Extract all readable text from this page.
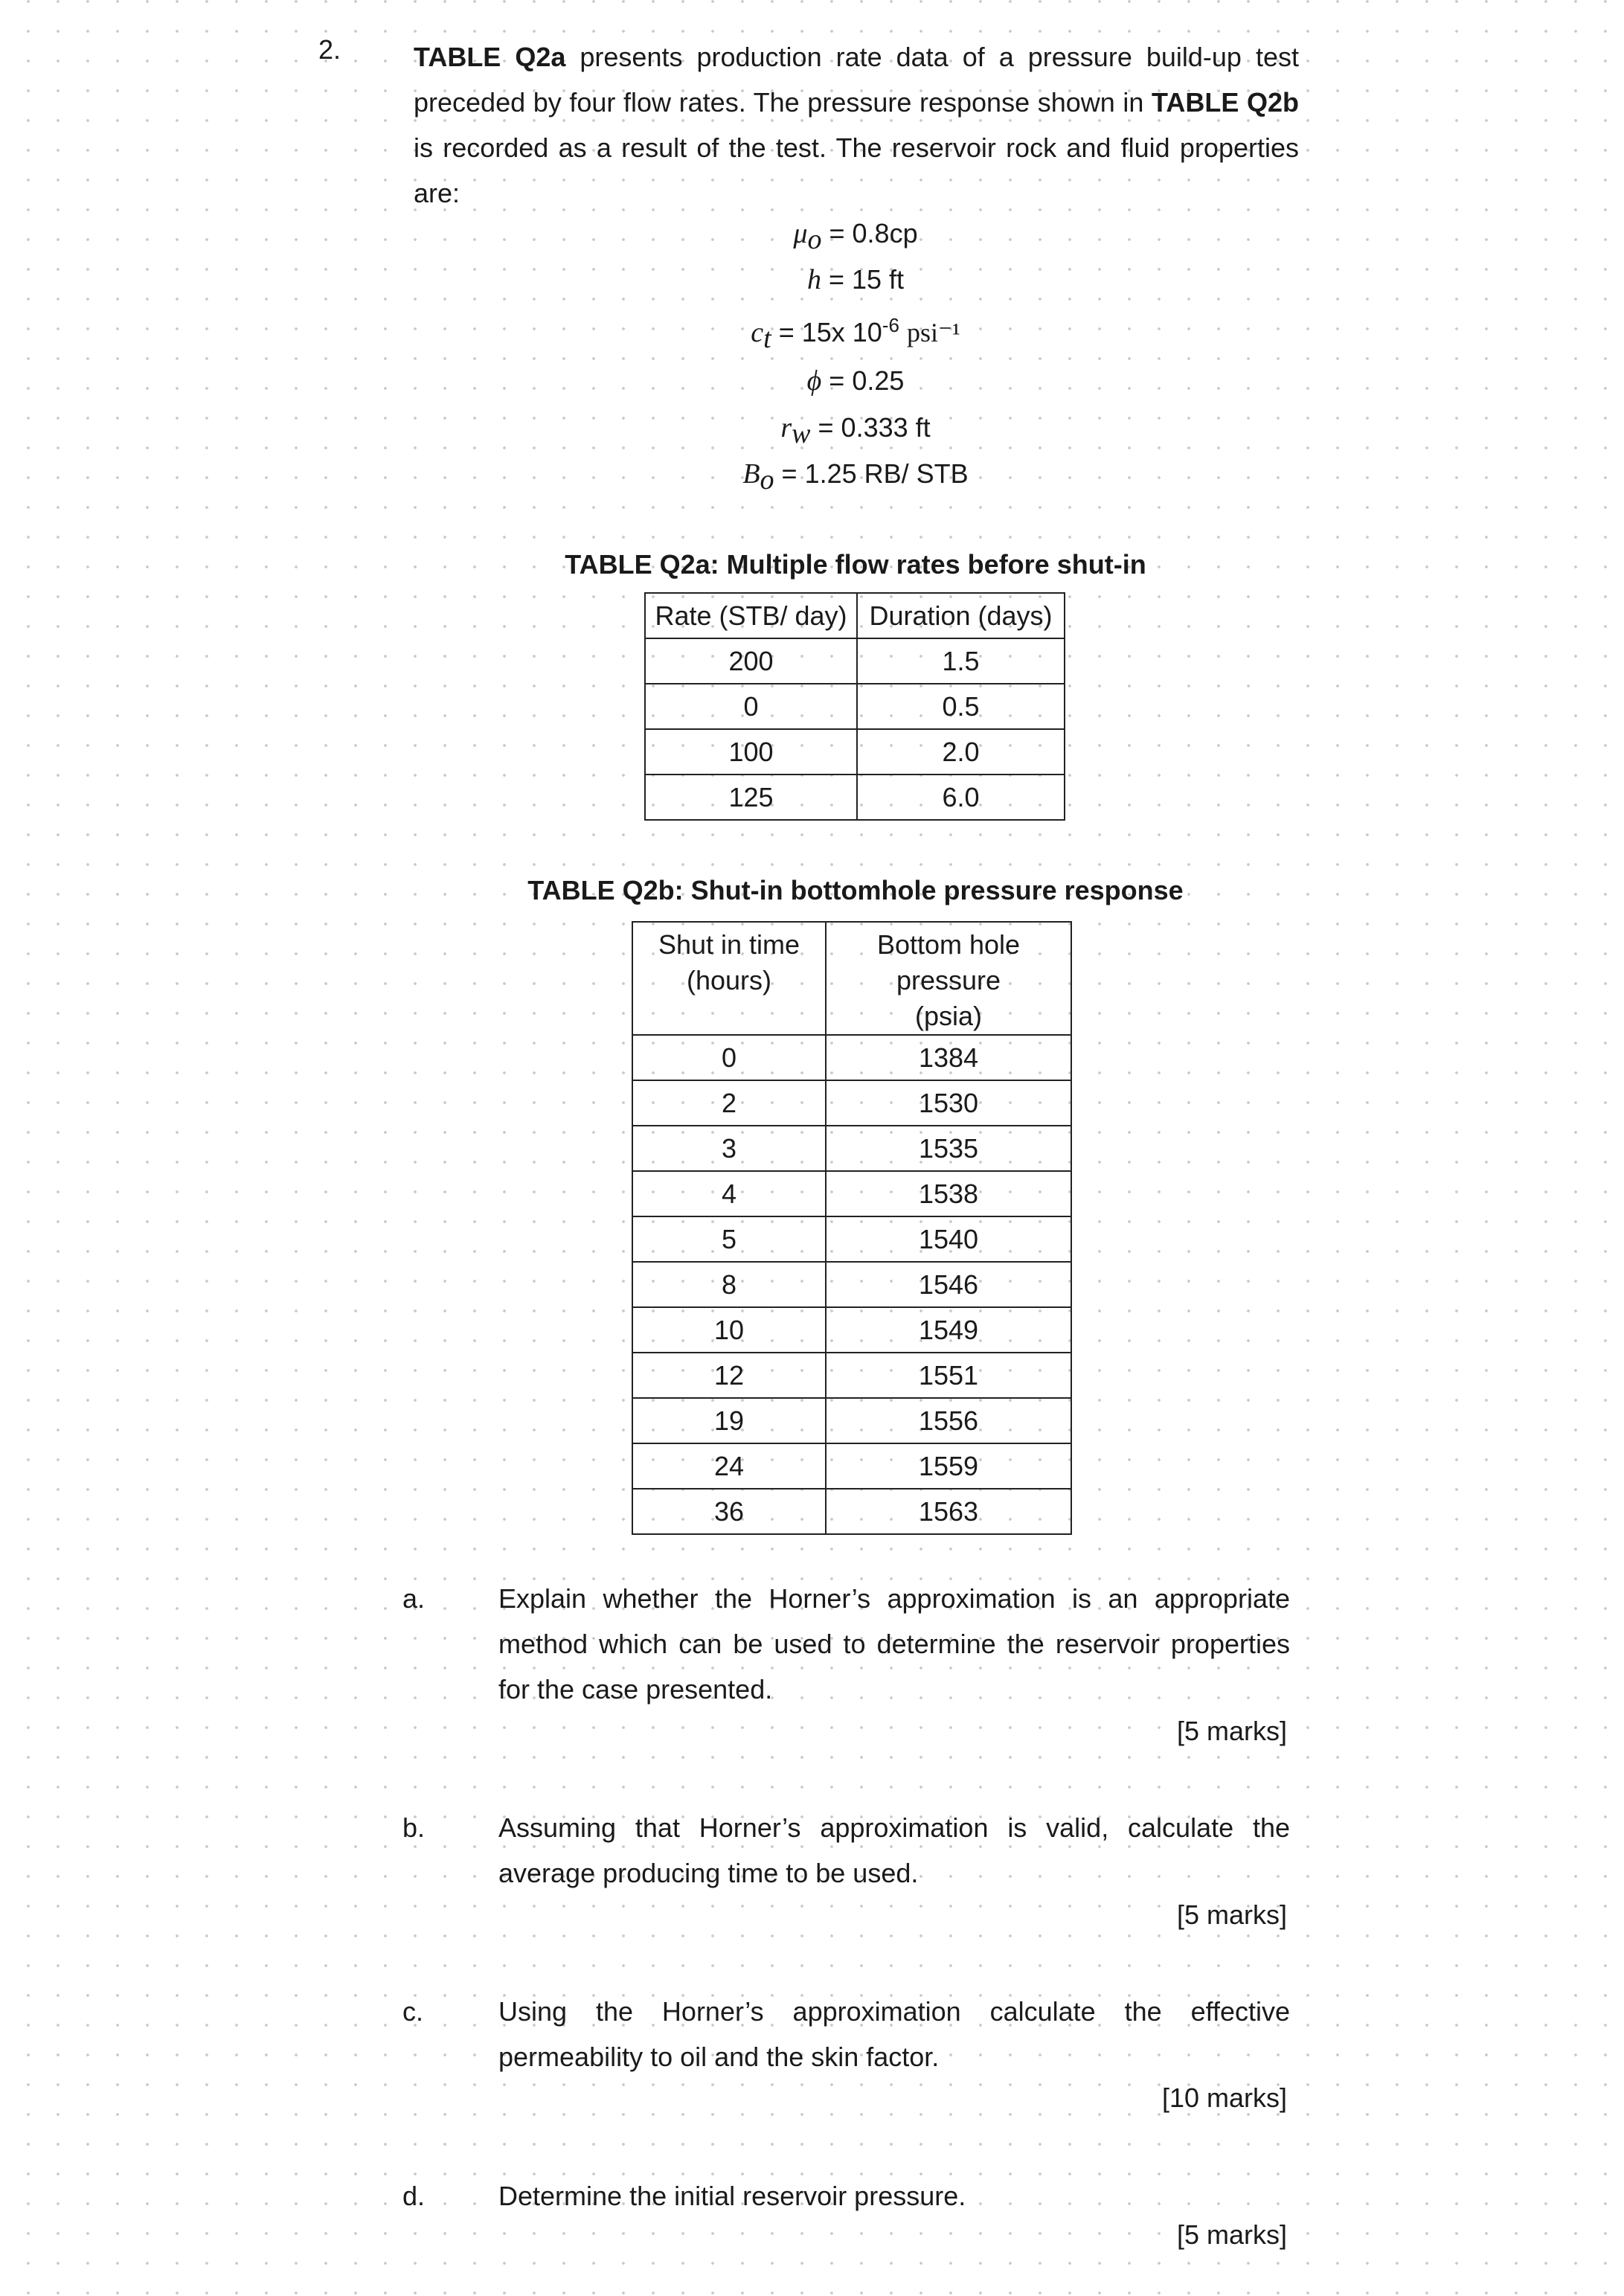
2.	TABLE Q2a presents production rate data of a pressure build-up test preceded by four flow rates. The pressure response shown in TABLE Q2b is recorded as a result of the test. The reservoir rock and fluid properties are:
$\mu_o = 0.8cp$
h = 15 ft
$c_t = 15x$ $10^{-6}$ psi⁻¹
ϕ = 0.25
$r_w = 0.333$ ft
$B_o = 1.25$ RB/ STB
TABLE Q2a: Multiple flow rates before shut-in
Rate (STB/ day)	Duration (days)
200	1.5
0	0.5
100	2.0
125	6.0
TABLE Q2b: Shut-in bottomhole pressure response
Shut in time
(hours)	Bottom hole
pressure
(psia)
0	1384
2	1530
3	1535
4	1538
5	1540
8	1546
10	1549
12	1551
19	1556
24	1559
36	1563
a.	Explain whether the Horner’s approximation is an appropriate method which can be used to determine the reservoir properties for the case presented.
[5 marks]
b.	Assuming that Horner’s approximation is valid, calculate the average producing time to be used.
[5 marks]
c.	Using the Horner’s approximation calculate the effective permeability to oil and the skin factor.
[10 marks]
d.	Determine the initial reservoir pressure.
[5 marks]
